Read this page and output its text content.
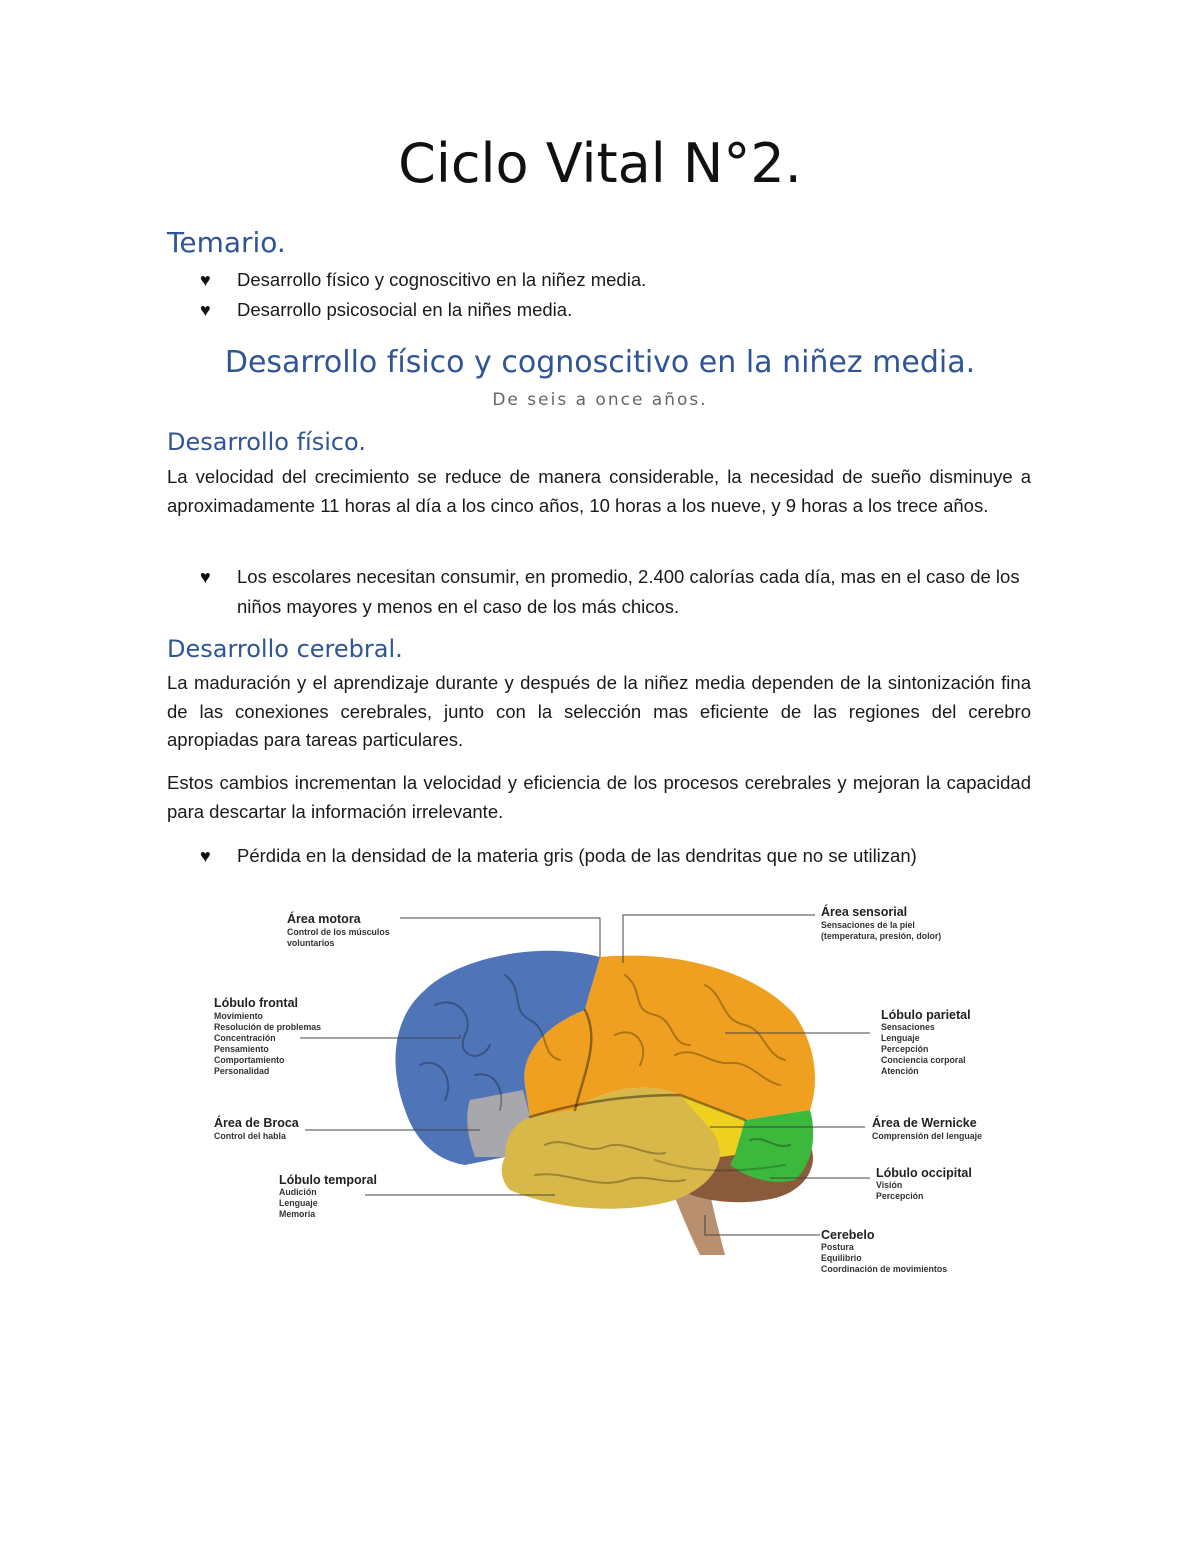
Ciclo Vital N°2.
Temario.
♥ Desarrollo físico y cognoscitivo en la niñez media.
♥ Desarrollo psicosocial en la niñes media.
Desarrollo físico y cognoscitivo en la niñez media.
De seis a once años.
Desarrollo físico.

La velocidad del crecimiento se reduce de manera considerable, la necesidad de sueño disminuye a aproximadamente 11 horas al día a los cinco años, 10 horas a los nueve, y 9 horas a los trece años.

♥ Los escolares necesitan consumir, en promedio, 2.400 calorías cada día, mas en el caso de los niños mayores y menos en el caso de los más chicos.
Desarrollo cerebral.

La maduración y el aprendizaje durante y después de la niñez media dependen de la sintonización fina de las conexiones cerebrales, junto con la selección mas eficiente de las regiones del cerebro apropiadas para tareas particulares.

Estos cambios incrementan la velocidad y eficiencia de los procesos cerebrales y mejoran la capacidad para descartar la información irrelevante.

♥ Pérdida en la densidad de la materia gris (poda de las dendritas que no se utilizan)
Área motora
Control de los músculos
voluntarios
Lóbulo frontal
Movimiento
Resolución de problemas
Concentración
Pensamiento
Comportamiento
Personalidad
Área de Broca
Control del habla
Lóbulo temporal
Audición
Lenguaje
Memoria
Área sensorial
Sensaciones de la piel
(temperatura, presión, dolor)
Lóbulo parietal
Sensaciones
Lenguaje
Percepción
Conciencia corporal
Atención
Área de Wernicke
Comprensión del lenguaje
Lóbulo occipital
Visión
Percepción
Cerebelo
Postura
Equilibrio
Coordinación de movimientos
